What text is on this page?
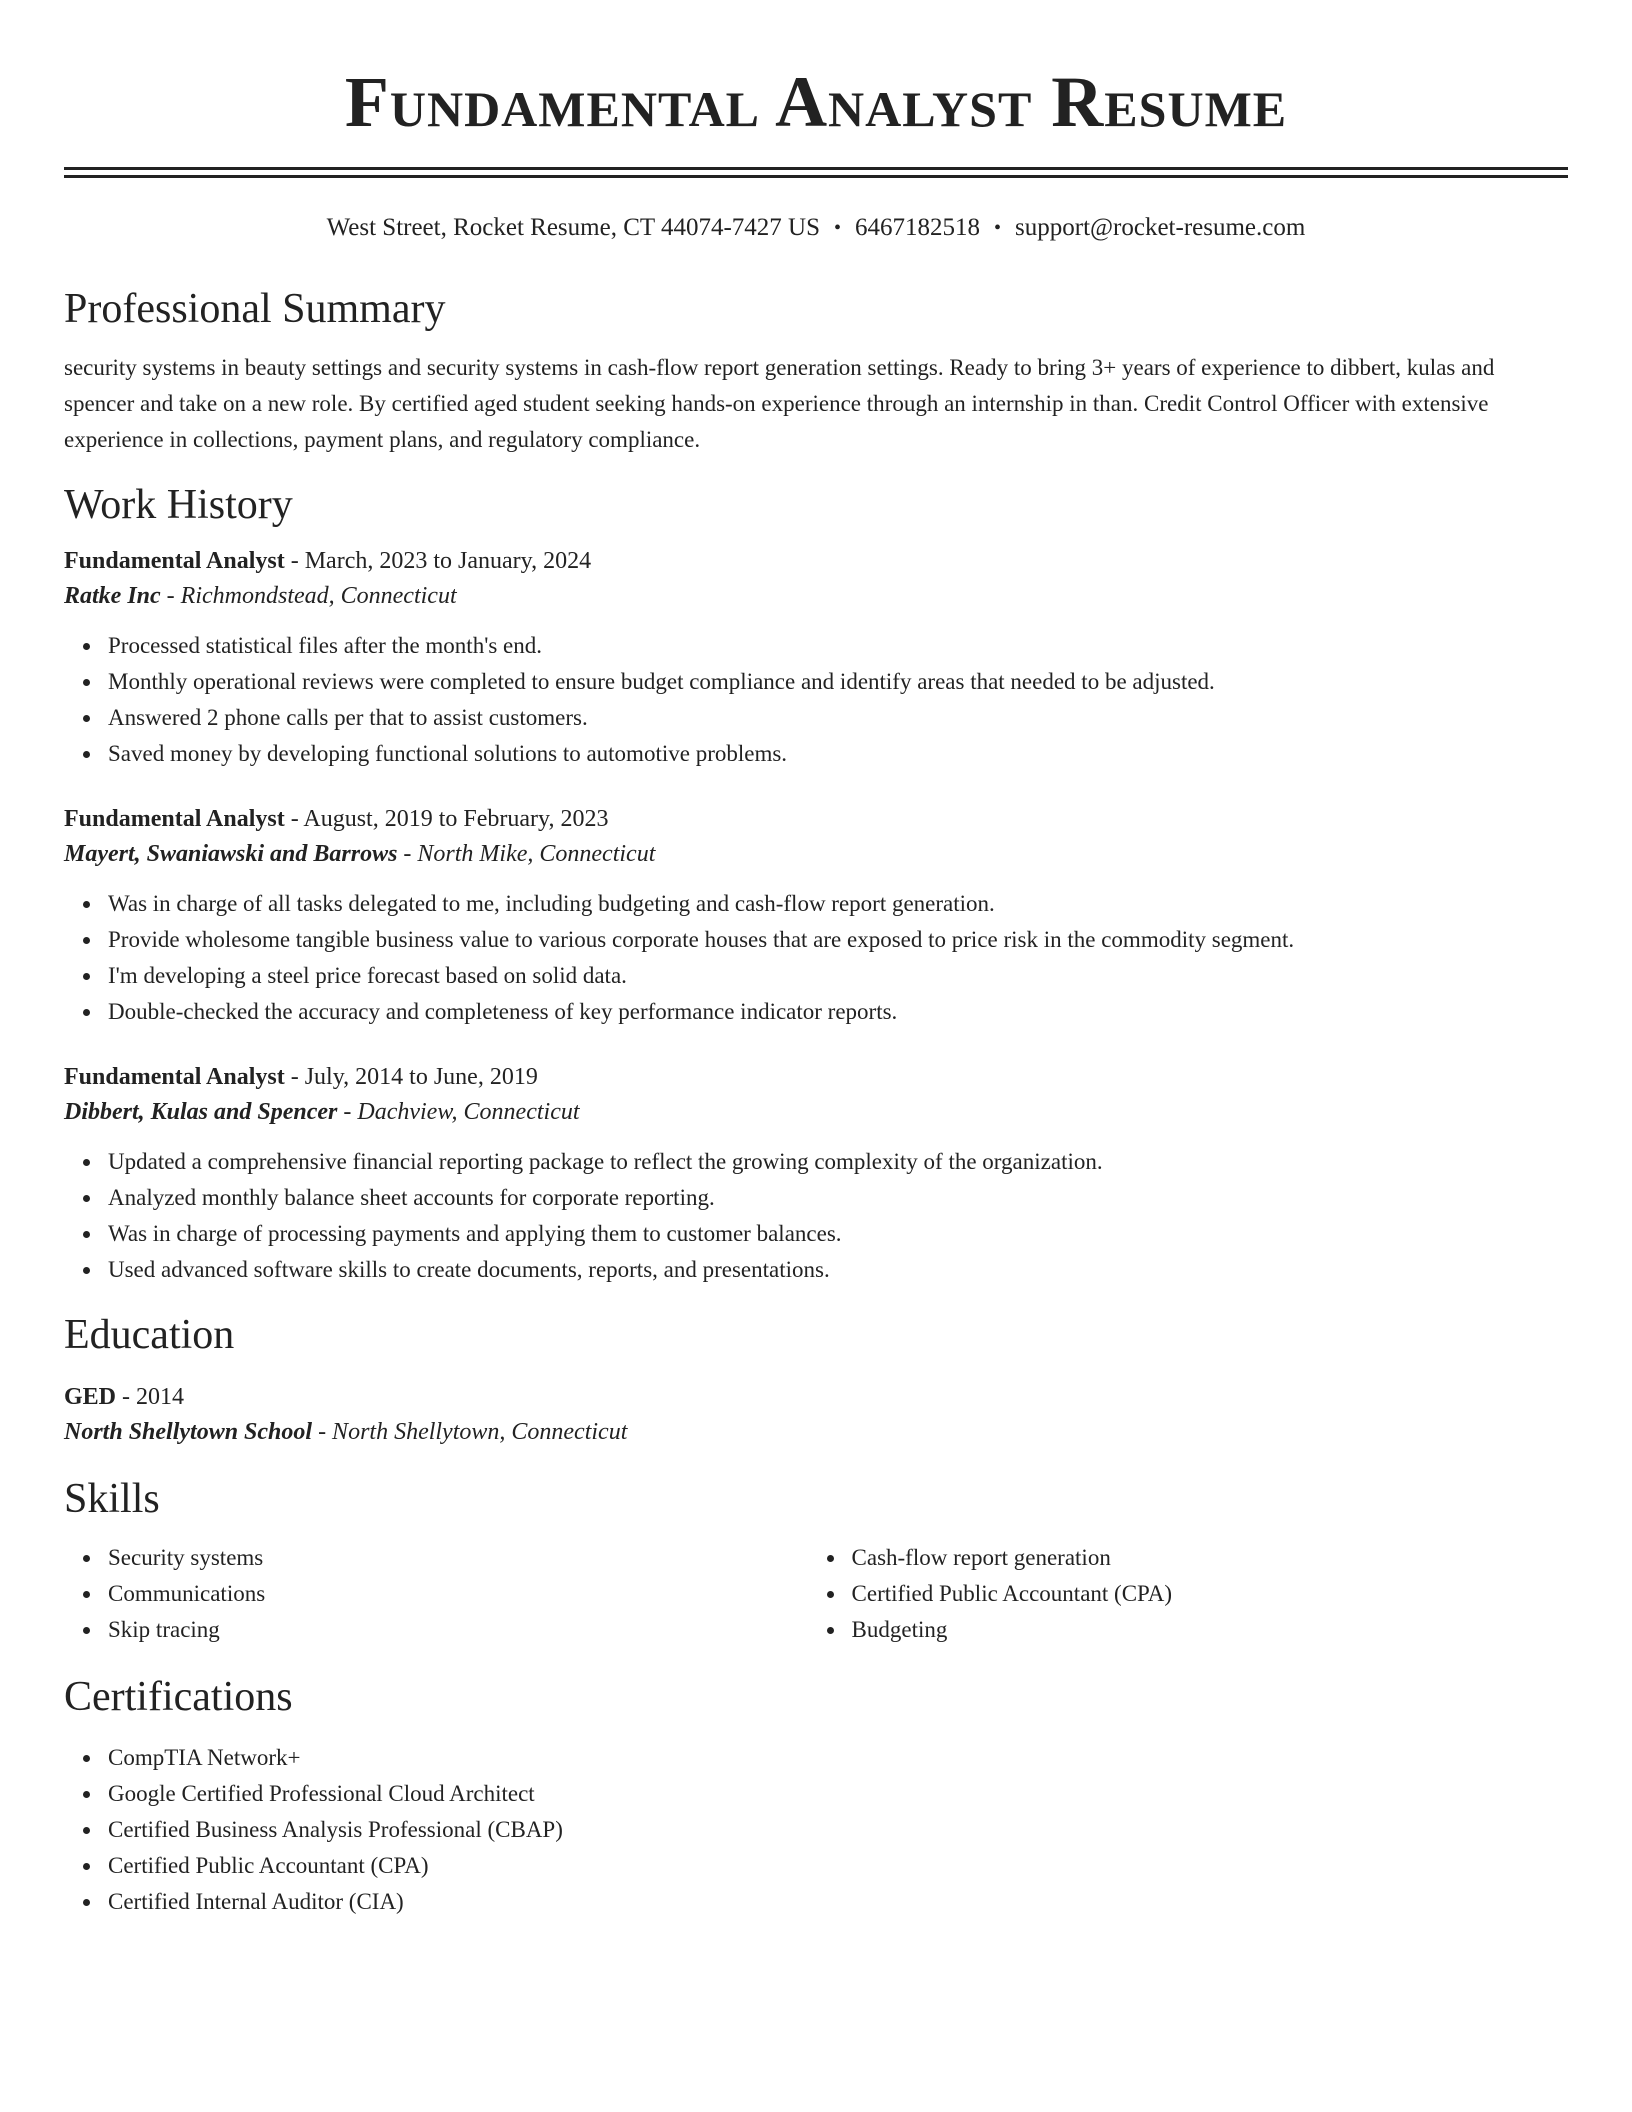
Fundamental Analyst Resume
West Street, Rocket Resume, CT 44074-7427 US • 6467182518 • support@rocket-resume.com
Professional Summary

security systems in beauty settings and security systems in cash-flow report generation settings. Ready to bring 3+ years of experience to dibbert, kulas and spencer and take on a new role. By certified aged student seeking hands-on experience through an internship in than. Credit Control Officer with extensive experience in collections, payment plans, and regulatory compliance.

Work History

Fundamental Analyst - March, 2023 to January, 2024

Ratke Inc - Richmondstead, Connecticut

Processed statistical files after the month's end.
Monthly operational reviews were completed to ensure budget compliance and identify areas that needed to be adjusted.
Answered 2 phone calls per that to assist customers.
Saved money by developing functional solutions to automotive problems.

Fundamental Analyst - August, 2019 to February, 2023

Mayert, Swaniawski and Barrows - North Mike, Connecticut

Was in charge of all tasks delegated to me, including budgeting and cash-flow report generation.
Provide wholesome tangible business value to various corporate houses that are exposed to price risk in the commodity segment.
I'm developing a steel price forecast based on solid data.
Double-checked the accuracy and completeness of key performance indicator reports.

Fundamental Analyst - July, 2014 to June, 2019

Dibbert, Kulas and Spencer - Dachview, Connecticut

Updated a comprehensive financial reporting package to reflect the growing complexity of the organization.
Analyzed monthly balance sheet accounts for corporate reporting.
Was in charge of processing payments and applying them to customer balances.
Used advanced software skills to create documents, reports, and presentations.
Education

GED - 2014

North Shellytown School - North Shellytown, Connecticut

Skills
Security systems
Communications
Skip tracing
Cash-flow report generation
Certified Public Accountant (CPA)
Budgeting
Certifications
CompTIA Network+
Google Certified Professional Cloud Architect
Certified Business Analysis Professional (CBAP)
Certified Public Accountant (CPA)
Certified Internal Auditor (CIA)
